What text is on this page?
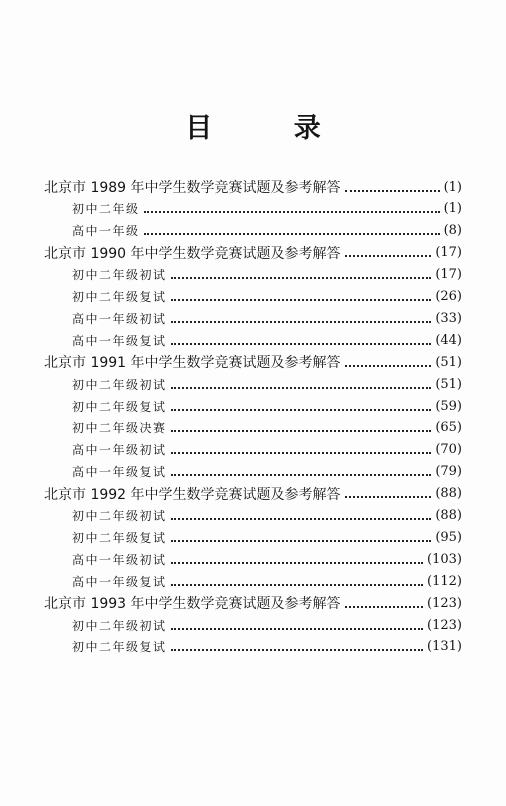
目 录
北京市 1989 年中学生数学竞赛试题及参考解答	(1)
初中二年级	(1)
高中一年级	(8)
北京市 1990 年中学生数学竞赛试题及参考解答	(17)
初中二年级初试	(17)
初中二年级复试	(26)
高中一年级初试	(33)
高中一年级复试	(44)
北京市 1991 年中学生数学竞赛试题及参考解答	(51)
初中二年级初试	(51)
初中二年级复试	(59)
初中二年级决赛	(65)
高中一年级初试	(70)
高中一年级复试	(79)
北京市 1992 年中学生数学竞赛试题及参考解答	(88)
初中二年级初试	(88)
初中二年级复试	(95)
高中一年级初试	(103)
高中一年级复试	(112)
北京市 1993 年中学生数学竞赛试题及参考解答	(123)
初中二年级初试	(123)
初中二年级复试	(131)
